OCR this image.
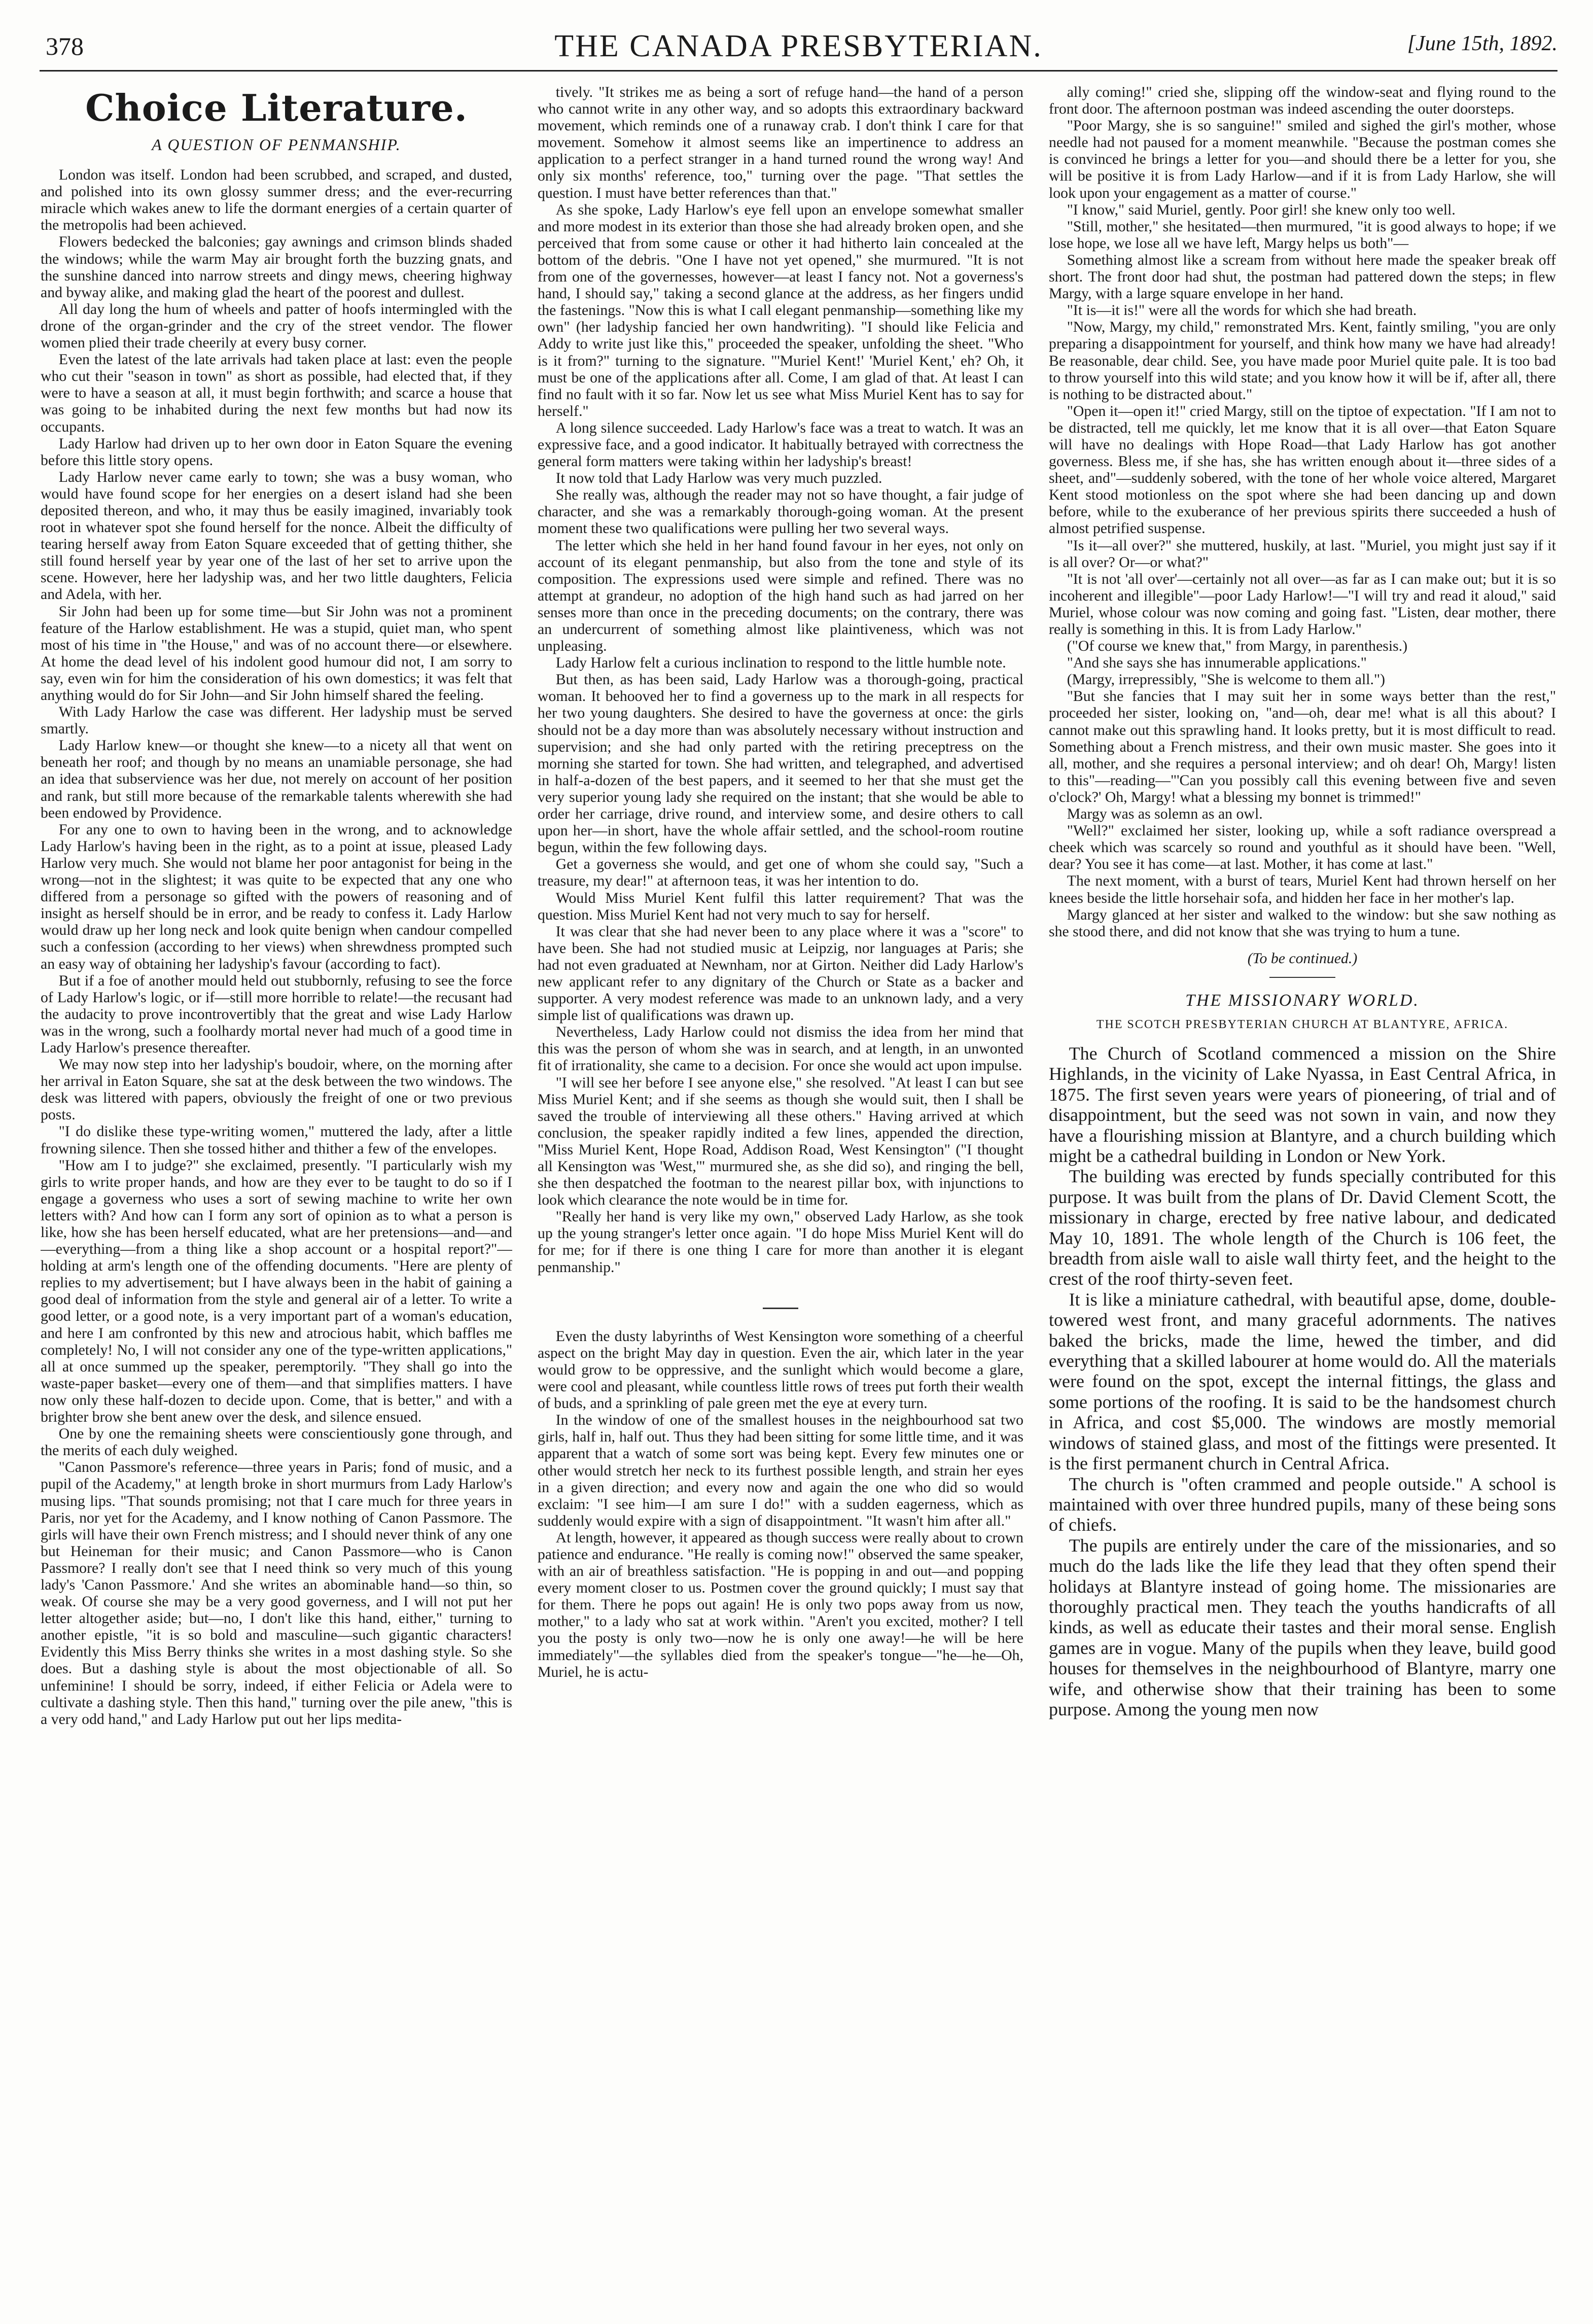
378	THE CANADA PRESBYTERIAN.	[June 15th, 1892.
Choice Literature.
A QUESTION OF PENMANSHIP.

London was itself. London had been scrubbed, and scraped, and dusted, and polished into its own glossy summer dress; and the ever-recurring miracle which wakes anew to life the dormant energies of a certain quarter of the metropolis had been achieved.

Flowers bedecked the balconies; gay awnings and crimson blinds shaded the windows; while the warm May air brought forth the buzzing gnats, and the sunshine danced into narrow streets and dingy mews, cheering highway and byway alike, and making glad the heart of the poorest and dullest.

All day long the hum of wheels and patter of hoofs intermingled with the drone of the organ-grinder and the cry of the street vendor. The flower women plied their trade cheerily at every busy corner.

Even the latest of the late arrivals had taken place at last: even the people who cut their "season in town" as short as possible, had elected that, if they were to have a season at all, it must begin forthwith; and scarce a house that was going to be inhabited during the next few months but had now its occupants.

Lady Harlow had driven up to her own door in Eaton Square the evening before this little story opens.

Lady Harlow never came early to town; she was a busy woman, who would have found scope for her energies on a desert island had she been deposited thereon, and who, it may thus be easily imagined, invariably took root in whatever spot she found herself for the nonce. Albeit the difficulty of tearing herself away from Eaton Square exceeded that of getting thither, she still found herself year by year one of the last of her set to arrive upon the scene. However, here her ladyship was, and her two little daughters, Felicia and Adela, with her.

Sir John had been up for some time—but Sir John was not a prominent feature of the Harlow establishment. He was a stupid, quiet man, who spent most of his time in "the House," and was of no account there—or elsewhere. At home the dead level of his indolent good humour did not, I am sorry to say, even win for him the consideration of his own domestics; it was felt that anything would do for Sir John—and Sir John himself shared the feeling.

With Lady Harlow the case was different. Her ladyship must be served smartly.

Lady Harlow knew—or thought she knew—to a nicety all that went on beneath her roof; and though by no means an unamiable personage, she had an idea that subservience was her due, not merely on account of her position and rank, but still more because of the remarkable talents wherewith she had been endowed by Providence.

For any one to own to having been in the wrong, and to acknowledge Lady Harlow's having been in the right, as to a point at issue, pleased Lady Harlow very much. She would not blame her poor antagonist for being in the wrong—not in the slightest; it was quite to be expected that any one who differed from a personage so gifted with the powers of reasoning and of insight as herself should be in error, and be ready to confess it. Lady Harlow would draw up her long neck and look quite benign when candour compelled such a confession (according to her views) when shrewdness prompted such an easy way of obtaining her ladyship's favour (according to fact).

But if a foe of another mould held out stubbornly, refusing to see the force of Lady Harlow's logic, or if—still more horrible to relate!—the recusant had the audacity to prove incontrovertibly that the great and wise Lady Harlow was in the wrong, such a foolhardy mortal never had much of a good time in Lady Harlow's presence thereafter.

We may now step into her ladyship's boudoir, where, on the morning after her arrival in Eaton Square, she sat at the desk between the two windows. The desk was littered with papers, obviously the freight of one or two previous posts.

"I do dislike these type-writing women," muttered the lady, after a little frowning silence. Then she tossed hither and thither a few of the envelopes.

"How am I to judge?" she exclaimed, presently. "I particularly wish my girls to write proper hands, and how are they ever to be taught to do so if I engage a governess who uses a sort of sewing machine to write her own letters with? And how can I form any sort of opinion as to what a person is like, how she has been herself educated, what are her pretensions—and—and—everything—from a thing like a shop account or a hospital report?"—holding at arm's length one of the offending documents. "Here are plenty of replies to my advertisement; but I have always been in the habit of gaining a good deal of information from the style and general air of a letter. To write a good letter, or a good note, is a very important part of a woman's education, and here I am confronted by this new and atrocious habit, which baffles me completely! No, I will not consider any one of the type-written applications," all at once summed up the speaker, peremptorily. "They shall go into the waste-paper basket—every one of them—and that simplifies matters. I have now only these half-dozen to decide upon. Come, that is better," and with a brighter brow she bent anew over the desk, and silence ensued.

One by one the remaining sheets were conscientiously gone through, and the merits of each duly weighed.

"Canon Passmore's reference—three years in Paris; fond of music, and a pupil of the Academy," at length broke in short murmurs from Lady Harlow's musing lips. "That sounds promising; not that I care much for three years in Paris, nor yet for the Academy, and I know nothing of Canon Passmore. The girls will have their own French mistress; and I should never think of any one but Heineman for their music; and Canon Passmore—who is Canon Passmore? I really don't see that I need think so very much of this young lady's 'Canon Passmore.' And she writes an abominable hand—so thin, so weak. Of course she may be a very good governess, and I will not put her letter altogether aside; but—no, I don't like this hand, either," turning to another epistle, "it is so bold and masculine—such gigantic characters! Evidently this Miss Berry thinks she writes in a most dashing style. So she does. But a dashing style is about the most objectionable of all. So unfeminine! I should be sorry, indeed, if either Felicia or Adela were to cultivate a dashing style. Then this hand," turning over the pile anew, "this is a very odd hand," and Lady Harlow put out her lips medita-

tively. "It strikes me as being a sort of refuge hand—the hand of a person who cannot write in any other way, and so adopts this extraordinary backward movement, which reminds one of a runaway crab. I don't think I care for that movement. Somehow it almost seems like an impertinence to address an application to a perfect stranger in a hand turned round the wrong way! And only six months' reference, too," turning over the page. "That settles the question. I must have better references than that."

As she spoke, Lady Harlow's eye fell upon an envelope somewhat smaller and more modest in its exterior than those she had already broken open, and she perceived that from some cause or other it had hitherto lain concealed at the bottom of the debris. "One I have not yet opened," she murmured. "It is not from one of the governesses, however—at least I fancy not. Not a governess's hand, I should say," taking a second glance at the address, as her fingers undid the fastenings. "Now this is what I call elegant penmanship—something like my own" (her ladyship fancied her own handwriting). "I should like Felicia and Addy to write just like this," proceeded the speaker, unfolding the sheet. "Who is it from?" turning to the signature. "'Muriel Kent!' 'Muriel Kent,' eh? Oh, it must be one of the applications after all. Come, I am glad of that. At least I can find no fault with it so far. Now let us see what Miss Muriel Kent has to say for herself."

A long silence succeeded. Lady Harlow's face was a treat to watch. It was an expressive face, and a good indicator. It habitually betrayed with correctness the general form matters were taking within her ladyship's breast!

It now told that Lady Harlow was very much puzzled.

She really was, although the reader may not so have thought, a fair judge of character, and she was a remarkably thorough-going woman. At the present moment these two qualifications were pulling her two several ways.

The letter which she held in her hand found favour in her eyes, not only on account of its elegant penmanship, but also from the tone and style of its composition. The expressions used were simple and refined. There was no attempt at grandeur, no adoption of the high hand such as had jarred on her senses more than once in the preceding documents; on the contrary, there was an undercurrent of something almost like plaintiveness, which was not unpleasing.

Lady Harlow felt a curious inclination to respond to the little humble note.

But then, as has been said, Lady Harlow was a thorough-going, practical woman. It behooved her to find a governess up to the mark in all respects for her two young daughters. She desired to have the governess at once: the girls should not be a day more than was absolutely necessary without instruction and supervision; and she had only parted with the retiring preceptress on the morning she started for town. She had written, and telegraphed, and advertised in half-a-dozen of the best papers, and it seemed to her that she must get the very superior young lady she required on the instant; that she would be able to order her carriage, drive round, and interview some, and desire others to call upon her—in short, have the whole affair settled, and the school-room routine begun, within the few following days.

Get a governess she would, and get one of whom she could say, "Such a treasure, my dear!" at afternoon teas, it was her intention to do.

Would Miss Muriel Kent fulfil this latter requirement? That was the question. Miss Muriel Kent had not very much to say for herself.

It was clear that she had never been to any place where it was a "score" to have been. She had not studied music at Leipzig, nor languages at Paris; she had not even graduated at Newnham, nor at Girton. Neither did Lady Harlow's new applicant refer to any dignitary of the Church or State as a backer and supporter. A very modest reference was made to an unknown lady, and a very simple list of qualifications was drawn up.

Nevertheless, Lady Harlow could not dismiss the idea from her mind that this was the person of whom she was in search, and at length, in an unwonted fit of irrationality, she came to a decision. For once she would act upon impulse.

"I will see her before I see anyone else," she resolved. "At least I can but see Miss Muriel Kent; and if she seems as though she would suit, then I shall be saved the trouble of interviewing all these others." Having arrived at which conclusion, the speaker rapidly indited a few lines, appended the direction, "Miss Muriel Kent, Hope Road, Addison Road, West Kensington" ("I thought all Kensington was 'West,'" murmured she, as she did so), and ringing the bell, she then despatched the footman to the nearest pillar box, with injunctions to look which clearance the note would be in time for.

"Really her hand is very like my own," observed Lady Harlow, as she took up the young stranger's letter once again. "I do hope Miss Muriel Kent will do for me; for if there is one thing I care for more than another it is elegant penmanship."

Even the dusty labyrinths of West Kensington wore something of a cheerful aspect on the bright May day in question. Even the air, which later in the year would grow to be oppressive, and the sunlight which would become a glare, were cool and pleasant, while countless little rows of trees put forth their wealth of buds, and a sprinkling of pale green met the eye at every turn.

In the window of one of the smallest houses in the neighbourhood sat two girls, half in, half out. Thus they had been sitting for some little time, and it was apparent that a watch of some sort was being kept. Every few minutes one or other would stretch her neck to its furthest possible length, and strain her eyes in a given direction; and every now and again the one who did so would exclaim: "I see him—I am sure I do!" with a sudden eagerness, which as suddenly would expire with a sign of disappointment. "It wasn't him after all."

At length, however, it appeared as though success were really about to crown patience and endurance. "He really is coming now!" observed the same speaker, with an air of breathless satisfaction. "He is popping in and out—and popping every moment closer to us. Postmen cover the ground quickly; I must say that for them. There he pops out again! He is only two pops away from us now, mother," to a lady who sat at work within. "Aren't you excited, mother? I tell you the posty is only two—now he is only one away!—he will be here immediately"—the syllables died from the speaker's tongue—"he—he—Oh, Muriel, he is actu-

ally coming!" cried she, slipping off the window-seat and flying round to the front door. The afternoon postman was indeed ascending the outer doorsteps.

"Poor Margy, she is so sanguine!" smiled and sighed the girl's mother, whose needle had not paused for a moment meanwhile. "Because the postman comes she is convinced he brings a letter for you—and should there be a letter for you, she will be positive it is from Lady Harlow—and if it is from Lady Harlow, she will look upon your engagement as a matter of course."

"I know," said Muriel, gently. Poor girl! she knew only too well.

"Still, mother," she hesitated—then murmured, "it is good always to hope; if we lose hope, we lose all we have left, Margy helps us both"—

Something almost like a scream from without here made the speaker break off short. The front door had shut, the postman had pattered down the steps; in flew Margy, with a large square envelope in her hand.

"It is—it is!" were all the words for which she had breath.

"Now, Margy, my child," remonstrated Mrs. Kent, faintly smiling, "you are only preparing a disappointment for yourself, and think how many we have had already! Be reasonable, dear child. See, you have made poor Muriel quite pale. It is too bad to throw yourself into this wild state; and you know how it will be if, after all, there is nothing to be distracted about."

"Open it—open it!" cried Margy, still on the tiptoe of expectation. "If I am not to be distracted, tell me quickly, let me know that it is all over—that Eaton Square will have no dealings with Hope Road—that Lady Harlow has got another governess. Bless me, if she has, she has written enough about it—three sides of a sheet, and"—suddenly sobered, with the tone of her whole voice altered, Margaret Kent stood motionless on the spot where she had been dancing up and down before, while to the exuberance of her previous spirits there succeeded a hush of almost petrified suspense.

"Is it—all over?" she muttered, huskily, at last. "Muriel, you might just say if it is all over? Or—or what?"

"It is not 'all over'—certainly not all over—as far as I can make out; but it is so incoherent and illegible"—poor Lady Harlow!—"I will try and read it aloud," said Muriel, whose colour was now coming and going fast. "Listen, dear mother, there really is something in this. It is from Lady Harlow."

("Of course we knew that," from Margy, in parenthesis.)

"And she says she has innumerable applications."

(Margy, irrepressibly, "She is welcome to them all.")

"But she fancies that I may suit her in some ways better than the rest," proceeded her sister, looking on, "and—oh, dear me! what is all this about? I cannot make out this sprawling hand. It looks pretty, but it is most difficult to read. Something about a French mistress, and their own music master. She goes into it all, mother, and she requires a personal interview; and oh dear! Oh, Margy! listen to this"—reading—"'Can you possibly call this evening between five and seven o'clock?' Oh, Margy! what a blessing my bonnet is trimmed!"

Margy was as solemn as an owl.

"Well?" exclaimed her sister, looking up, while a soft radiance overspread a cheek which was scarcely so round and youthful as it should have been. "Well, dear? You see it has come—at last. Mother, it has come at last."

The next moment, with a burst of tears, Muriel Kent had thrown herself on her knees beside the little horsehair sofa, and hidden her face in her mother's lap.

Margy glanced at her sister and walked to the window: but she saw nothing as she stood there, and did not know that she was trying to hum a tune.

(To be continued.)
THE MISSIONARY WORLD.
THE SCOTCH PRESBYTERIAN CHURCH AT BLANTYRE, AFRICA.

The Church of Scotland commenced a mission on the Shire Highlands, in the vicinity of Lake Nyassa, in East Central Africa, in 1875. The first seven years were years of pioneering, of trial and of disappointment, but the seed was not sown in vain, and now they have a flourishing mission at Blantyre, and a church building which might be a cathedral building in London or New York.

The building was erected by funds specially contributed for this purpose. It was built from the plans of Dr. David Clement Scott, the missionary in charge, erected by free native labour, and dedicated May 10, 1891. The whole length of the Church is 106 feet, the breadth from aisle wall to aisle wall thirty feet, and the height to the crest of the roof thirty-seven feet.

It is like a miniature cathedral, with beautiful apse, dome, double-towered west front, and many graceful adornments. The natives baked the bricks, made the lime, hewed the timber, and did everything that a skilled labourer at home would do. All the materials were found on the spot, except the internal fittings, the glass and some portions of the roofing. It is said to be the handsomest church in Africa, and cost $5,000. The windows are mostly memorial windows of stained glass, and most of the fittings were presented. It is the first permanent church in Central Africa.

The church is "often crammed and people outside." A school is maintained with over three hundred pupils, many of these being sons of chiefs.

The pupils are entirely under the care of the missionaries, and so much do the lads like the life they lead that they often spend their holidays at Blantyre instead of going home. The missionaries are thoroughly practical men. They teach the youths handicrafts of all kinds, as well as educate their tastes and their moral sense. English games are in vogue. Many of the pupils when they leave, build good houses for themselves in the neighbourhood of Blantyre, marry one wife, and otherwise show that their training has been to some purpose. Among the young men now
